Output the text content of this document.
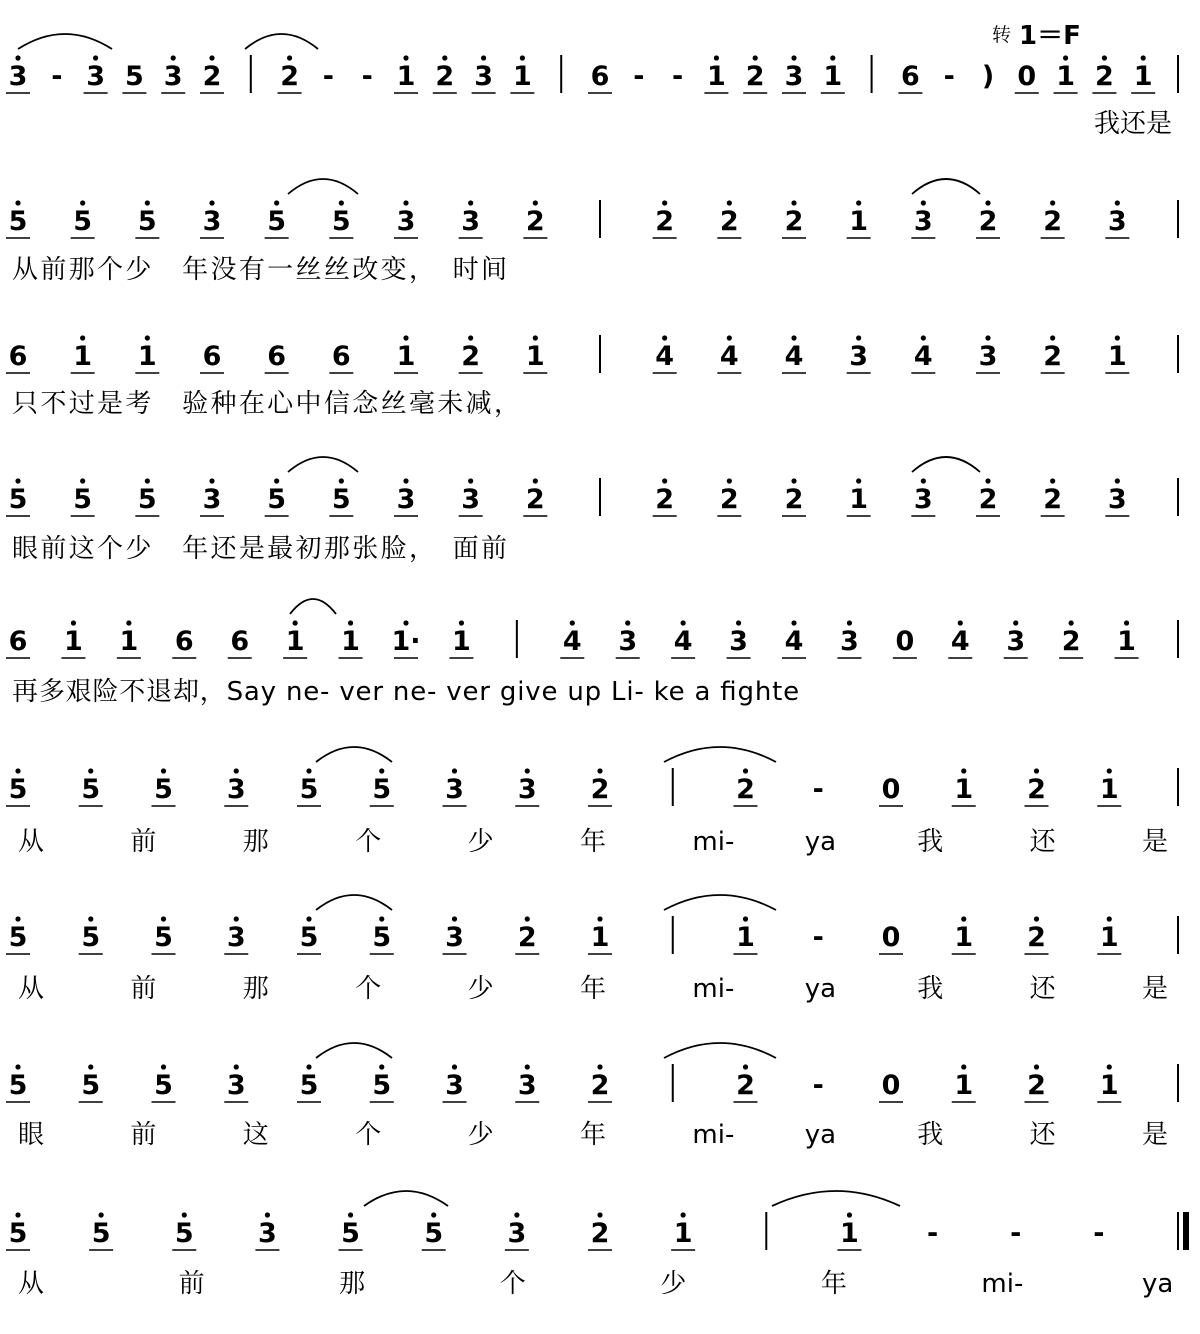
转 1＝F
3 - 3 5 3 2 2 - - 1 2 3 1 6 - - 1 2 3 1 6 - ) 0 1 2 1
我还是
5 5 5 3 5 5 3 3 2	2 2 2 1 3 2 2 3
从前那个少　年没有一丝丝改变，　时间
6 1 1 6 6 6 1 2 1	4 4 4 3 4 3 2 1
只不过是考　验种在心中信念丝毫未减，
5 5 5 3 5 5 3 3 2	2 2 2 1 3 2 2 3
眼前这个少　年还是最初那张脸，　面前
6 1 1 6 6 1 1 1· 1	4 3 4 3 4 3 0 4 3 2 1
再多艰险不退却，Say ne- ver ne- ver give up Li- ke a fighte
5 5 5 3 5 5 3 3 2	2 - 0 1 2 1
从	前	那	个	少	年	mi-	ya	我	还	是
5 5 5 3 5 5 3 2 1	1 - 0 1 2 1
从	前	那	个	少	年	mi-	ya	我	还	是
5 5 5 3 5 5 3 3 2	2 - 0 1 2 1
眼	前	这	个	少	年	mi-	ya	我	还	是
5 5 5 3 5 5 3 2 1	1	-	-	-
从	前	那	个	少	年	mi-	ya
